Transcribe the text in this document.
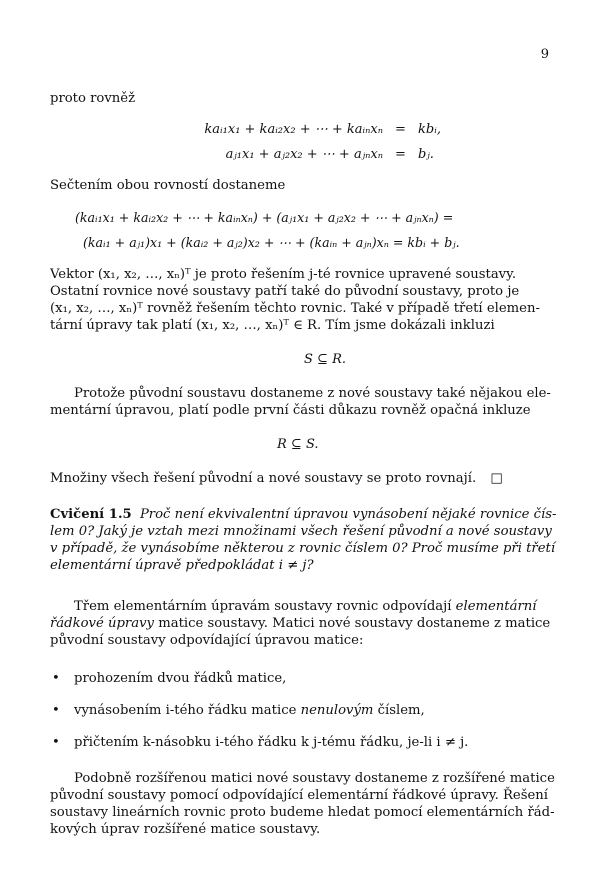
9
proto rovněž
kaᵢ₁x₁ + kaᵢ₂x₂ + ⋯ + kaᵢₙxₙ = kbᵢ,
aⱼ₁x₁ + aⱼ₂x₂ + ⋯ + aⱼₙxₙ = bⱼ.
Sečtením obou rovností dostaneme
(kaᵢ₁x₁ + kaᵢ₂x₂ + ⋯ + kaᵢₙxₙ) + (aⱼ₁x₁ + aⱼ₂x₂ + ⋯ + aⱼₙxₙ) =
(kaᵢ₁ + aⱼ₁)x₁ + (kaᵢ₂ + aⱼ₂)x₂ + ⋯ + (kaᵢₙ + aⱼₙ)xₙ = kbᵢ + bⱼ.
Vektor (x₁, x₂, …, xₙ)ᵀ je proto řešením j-té rovnice upravené soustavy.
Ostatní rovnice nové soustavy patří také do původní soustavy, proto je
(x₁, x₂, …, xₙ)ᵀ rovněž řešením těchto rovnic. Také v případě třetí elemen-
tární úpravy tak platí (x₁, x₂, …, xₙ)ᵀ ∈ R. Tím jsme dokázali inkluzi
S ⊆ R.
Protože původní soustavu dostaneme z nové soustavy také nějakou ele-
mentární úpravou, platí podle první části důkazu rovněž opačná inkluze
R ⊆ S.
Množiny všech řešení původní a nové soustavy se proto rovnají. □
Cvičení 1.5 Proč není ekvivalentní úpravou vynásobení nějaké rovnice čís-
lem 0? Jaký je vztah mezi množinami všech řešení původní a nové soustavy
v případě, že vynásobíme některou z rovnic číslem 0? Proč musíme při třetí
elementární úpravě předpokládat i ≠ j?
Třem elementárním úpravám soustavy rovnic odpovídají elementární
řádkové úpravy matice soustavy. Matici nové soustavy dostaneme z matice
původní soustavy odpovídající úpravou matice:
• prohozením dvou řádků matice,
• vynásobením i-tého řádku matice nenulovým číslem,
• přičtením k-násobku i-tého řádku k j-tému řádku, je-li i ≠ j.
Podobně rozšířenou matici nové soustavy dostaneme z rozšířené matice
původní soustavy pomocí odpovídající elementární řádkové úpravy. Řešení
soustavy lineárních rovnic proto budeme hledat pomocí elementárních řád-
kových úprav rozšířené matice soustavy.
